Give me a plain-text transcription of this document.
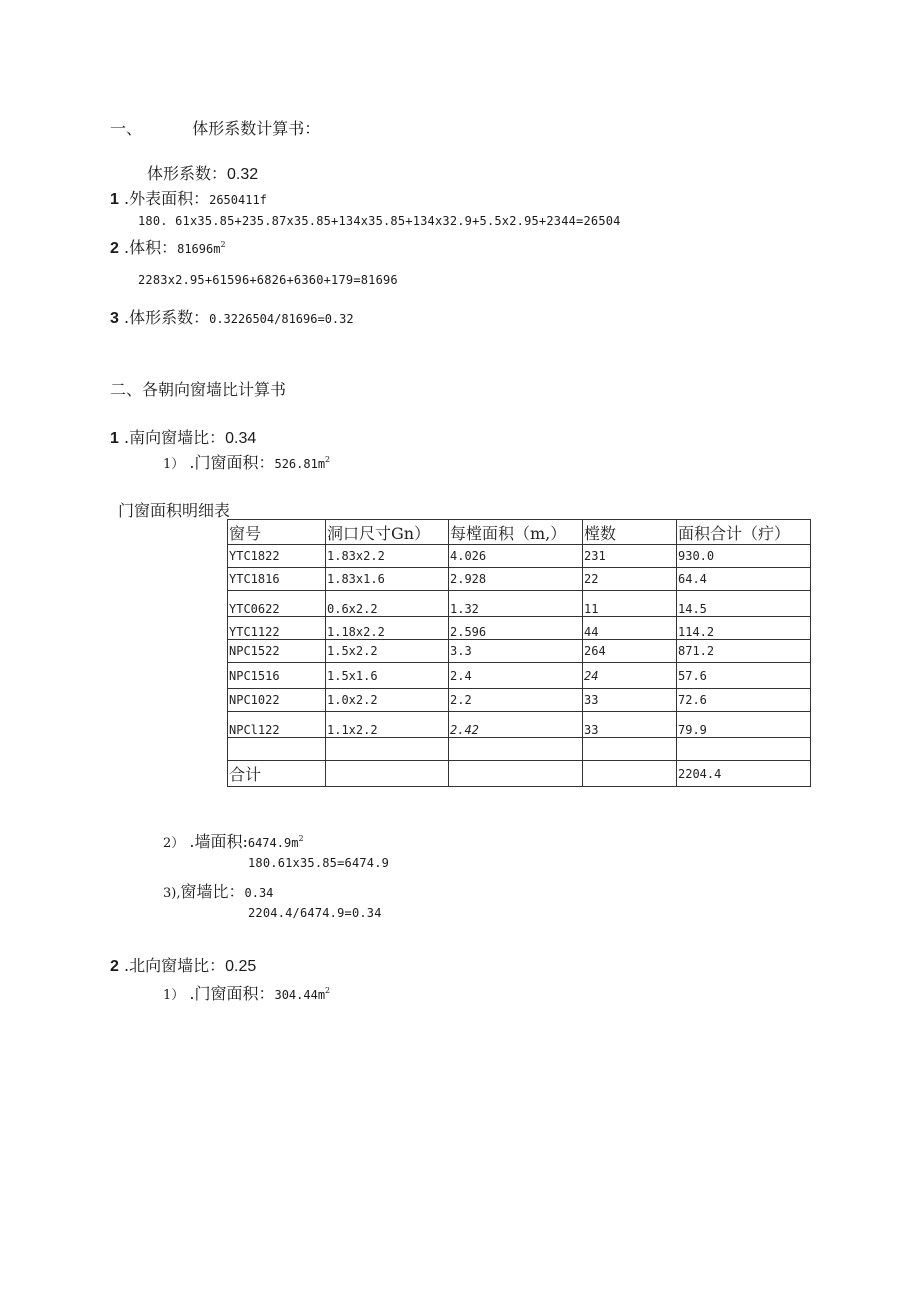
一、	体形系数计算书：
体形系数：0.32
1 .外表面积：2650411f
180. 61x35.85+235.87x35.85+134x35.85+134x32.9+5.5x2.95+2344=26504
2 .体积：$81696m^2$
2283x2.95+61596+6826+6360+179=81696
3 .体形系数：0.3226504/81696=0.32
二、各朝向窗墙比计算书
1 .南向窗墙比：0.34
1） .门窗面积：$526.81m^2$
门窗面积明细表
窗号	洞口尺寸Gn）	每樘面积（m,）	樘数	面积合计（疔）
YTC1822	1.83x2.2	4.026	231	930.0
YTC1816	1.83x1.6	2.928	22	64.4
YTC0622	0.6x2.2	1.32	11	14.5
YTC1122	1.18x2.2	2.596	44	114.2
NPC1522	1.5x2.2	3.3	264	871.2
NPC1516	1.5x1.6	2.4	24	57.6
NPC1022	1.0x2.2	2.2	33	72.6
NPCl122	1.1x2.2	2.42	33	79.9

合计				2204.4
2） .墙面积$:6474.9m^2$
180.61x35.85=6474.9
3),窗墙比：0.34
2204.4/6474.9=0.34
2 .北向窗墙比：0.25
1） .门窗面积：$304.44m^2$
